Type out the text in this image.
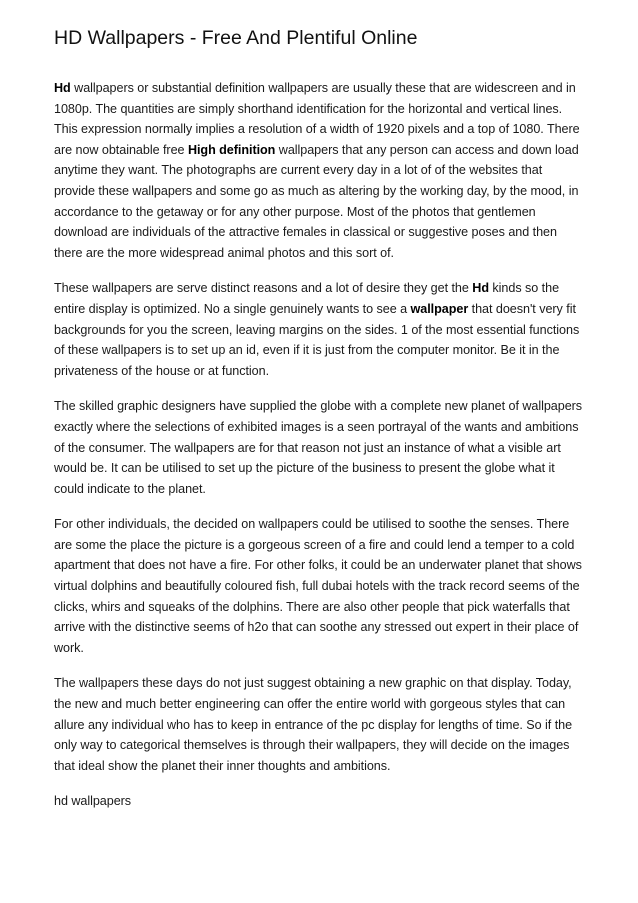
HD Wallpapers - Free And Plentiful Online

Hd wallpapers or substantial definition wallpapers are usually these that are widescreen and in 1080p. The quantities are simply shorthand identification for the horizontal and vertical lines. This expression normally implies a resolution of a width of 1920 pixels and a top of 1080. There are now obtainable free High definition wallpapers that any person can access and down load anytime they want. The photographs are current every day in a lot of of the websites that provide these wallpapers and some go as much as altering by the working day, by the mood, in accordance to the getaway or for any other purpose. Most of the photos that gentlemen download are individuals of the attractive females in classical or suggestive poses and then there are the more widespread animal photos and this sort of.

These wallpapers are serve distinct reasons and a lot of desire they get the Hd kinds so the entire display is optimized. No a single genuinely wants to see a wallpaper that doesn't very fit backgrounds for you the screen, leaving margins on the sides. 1 of the most essential functions of these wallpapers is to set up an id, even if it is just from the computer monitor. Be it in the privateness of the house or at function.

The skilled graphic designers have supplied the globe with a complete new planet of wallpapers exactly where the selections of exhibited images is a seen portrayal of the wants and ambitions of the consumer. The wallpapers are for that reason not just an instance of what a visible art would be. It can be utilised to set up the picture of the business to present the globe what it could indicate to the planet.

For other individuals, the decided on wallpapers could be utilised to soothe the senses. There are some the place the picture is a gorgeous screen of a fire and could lend a temper to a cold apartment that does not have a fire. For other folks, it could be an underwater planet that shows virtual dolphins and beautifully coloured fish, full dubai hotels with the track record seems of the clicks, whirs and squeaks of the dolphins. There are also other people that pick waterfalls that arrive with the distinctive seems of h2o that can soothe any stressed out expert in their place of work.

The wallpapers these days do not just suggest obtaining a new graphic on that display. Today, the new and much better engineering can offer the entire world with gorgeous styles that can allure any individual who has to keep in entrance of the pc display for lengths of time. So if the only way to categorical themselves is through their wallpapers, they will decide on the images that ideal show the planet their inner thoughts and ambitions.

hd wallpapers
